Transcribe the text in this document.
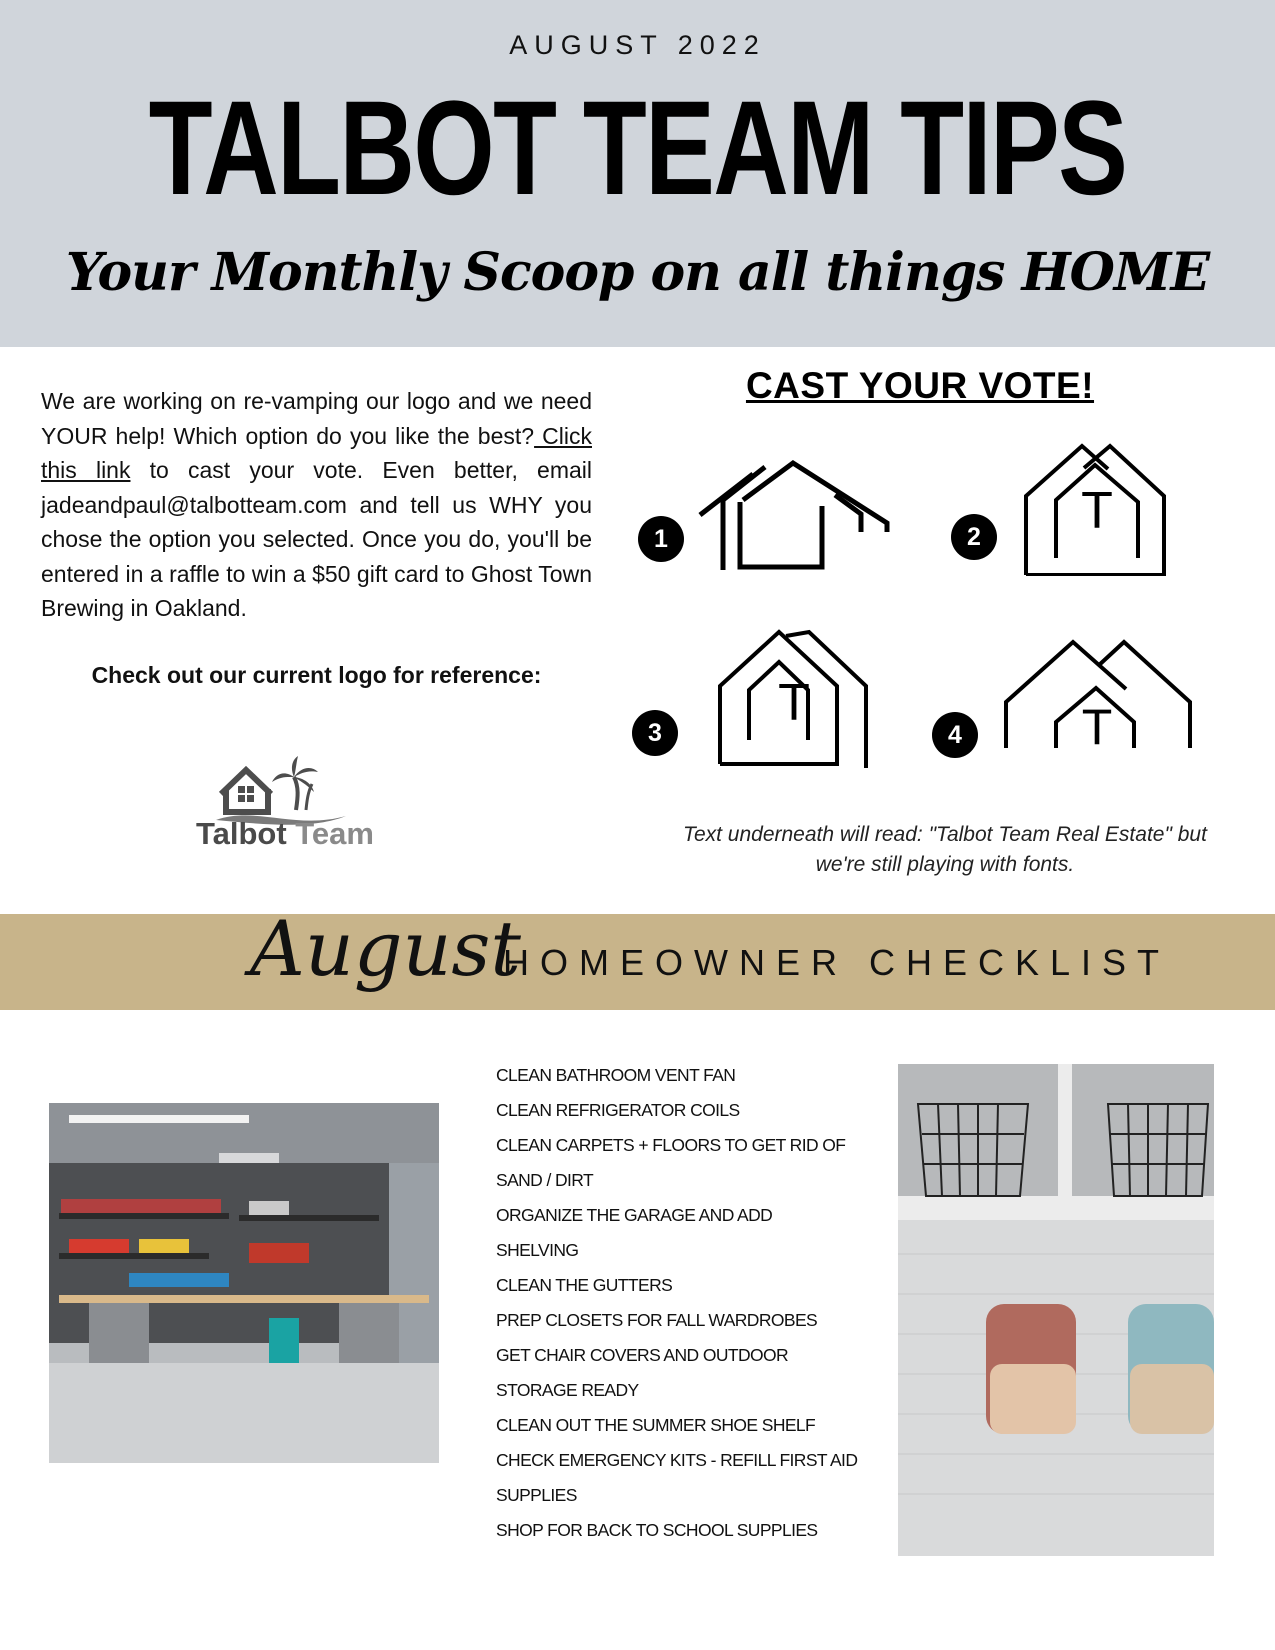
AUGUST 2022
TALBOT TEAM TIPS
Your Monthly Scoop on all things HOME
We are working on re-vamping our logo and we need YOUR help! Which option do you like the best? Click this link to cast your vote. Even better, email jadeandpaul@talbotteam.com and tell us WHY you chose the option you selected. Once you do, you'll be entered in a raffle to win a $50 gift card to Ghost Town Brewing in Oakland.
Check out our current logo for reference:
Talbot Team
CAST YOUR VOTE!
1	2	T
3
T
4	T
Text underneath will read: "Talbot Team Real Estate" but we're still playing with fonts.
August
HOMEOWNER CHECKLIST
CLEAN BATHROOM VENT FAN
CLEAN REFRIGERATOR COILS
CLEAN CARPETS + FLOORS TO GET RID OF
SAND / DIRT
ORGANIZE THE GARAGE AND ADD
SHELVING
CLEAN THE GUTTERS
PREP CLOSETS FOR FALL WARDROBES
GET CHAIR COVERS AND OUTDOOR
STORAGE READY
CLEAN OUT THE SUMMER SHOE SHELF
CHECK EMERGENCY KITS - REFILL FIRST AID
SUPPLIES
SHOP FOR BACK TO SCHOOL SUPPLIES
